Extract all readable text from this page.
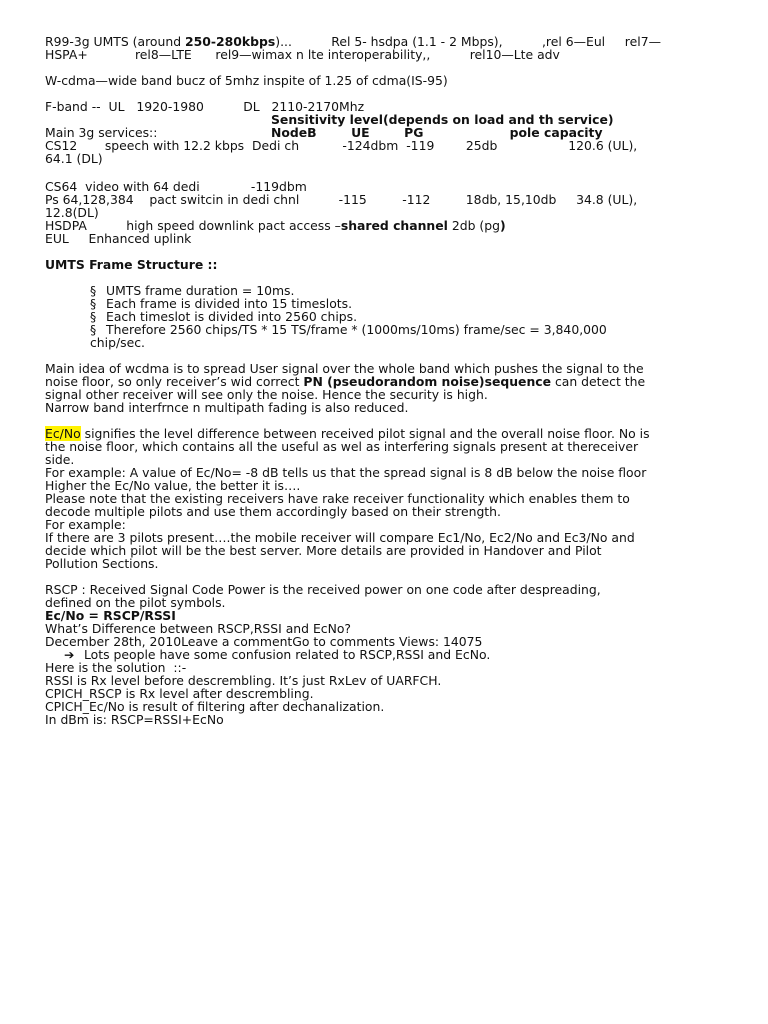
R99-3g UMTS (around 250-280kbps)...          Rel 5- hsdpa (1.1 - 2 Mbps),          ,rel 6—Eul     rel7—

HSPA+            rel8—LTE      rel9—wimax n lte interoperability,,          rel10—Lte adv

W-cdma—wide band bucz of 5mhz inspite of 1.25 of cdma(IS-95)

F-band --  UL   1920-1980          DL   2110-2170Mhz

Sensitivity level(depends on load and th service)

Main 3g services::	NodeB        UE        PG                    pole capacity

CS12       speech with 12.2 kbps  Dedi ch           -124dbm  -119        25db                  120.6 (UL),

64.1 (DL)

CS64  video with 64 dedi             -119dbm

Ps 64,128,384    pact switcin in dedi chnl          -115         -112         18db, 15,10db     34.8 (UL),

12.8(DL)

HSDPA          high speed downlink pact access –shared channel 2db (pg)

EUL     Enhanced uplink

UMTS Frame Structure ::

§ UMTS frame duration = 10ms.

§ Each frame is divided into 15 timeslots.

§ Each timeslot is divided into 2560 chips.

§ Therefore 2560 chips/TS * 15 TS/frame * (1000ms/10ms) frame/sec = 3,840,000

chip/sec.

Main idea of wcdma is to spread User signal over the whole band which pushes the signal to the

noise floor, so only receiver’s wid correct PN (pseudorandom noise)sequence can detect the

signal other receiver will see only the noise. Hence the security is high.

Narrow band interfrnce n multipath fading is also reduced.

Ec/No signifies the level difference between received pilot signal and the overall noise floor. No is

the noise floor, which contains all the useful as wel as interfering signals present at thereceiver

side.

For example: A value of Ec/No= -8 dB tells us that the spread signal is 8 dB below the noise floor

Higher the Ec/No value, the better it is….

Please note that the existing receivers have rake receiver functionality which enables them to

decode multiple pilots and use them accordingly based on their strength.

For example:

If there are 3 pilots present….the mobile receiver will compare Ec1/No, Ec2/No and Ec3/No and

decide which pilot will be the best server. More details are provided in Handover and Pilot

Pollution Sections.

RSCP : Received Signal Code Power is the received power on one code after despreading,

defined on the pilot symbols.

Ec/No = RSCP/RSSI

What’s Difference between RSCP,RSSI and EcNo?

December 28th, 2010Leave a commentGo to comments Views: 14075

➔ Lots people have some confusion related to RSCP,RSSI and EcNo.

Here is the solution  ::-

RSSI is Rx level before descrembling. It’s just RxLev of UARFCH.

CPICH_RSCP is Rx level after descrembling.

CPICH_Ec/No is result of filtering after dechanalization.

In dBm is: RSCP=RSSI+EcNo
